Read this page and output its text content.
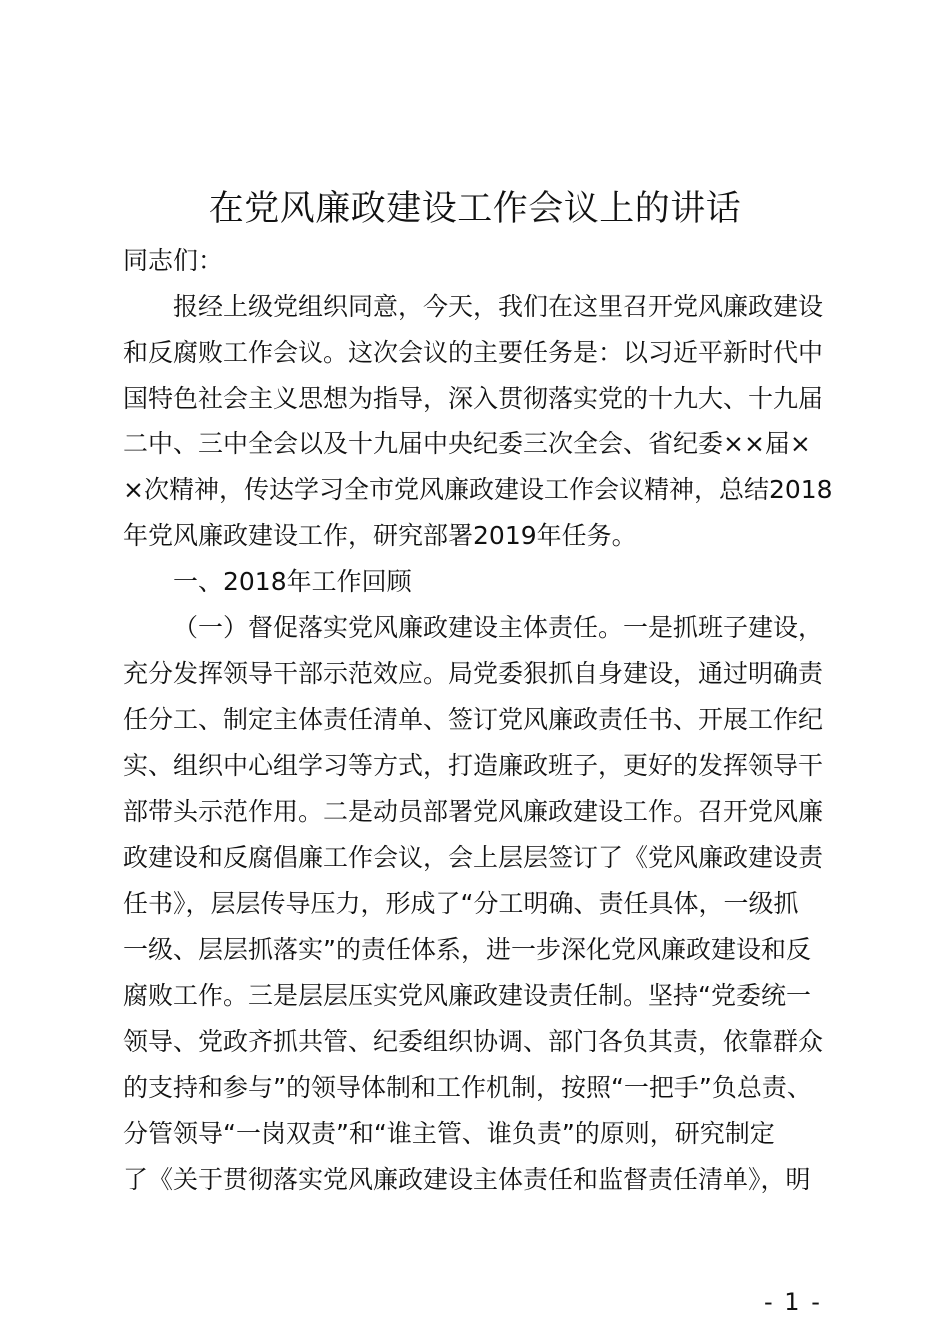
在党风廉政建设工作会议上的讲话
同志们：
报经上级党组织同意，今天，我们在这里召开党风廉政建设
和反腐败工作会议。这次会议的主要任务是：以习近平新时代中
国特色社会主义思想为指导，深入贯彻落实党的十九大、十九届
二中、三中全会以及十九届中央纪委三次全会、省纪委××届×
×次精神，传达学习全市党风廉政建设工作会议精神，总结2018
年党风廉政建设工作，研究部署2019年任务。
一、2018年工作回顾
（一）督促落实党风廉政建设主体责任。一是抓班子建设，
充分发挥领导干部示范效应。局党委狠抓自身建设，通过明确责
任分工、制定主体责任清单、签订党风廉政责任书、开展工作纪
实、组织中心组学习等方式，打造廉政班子，更好的发挥领导干
部带头示范作用。二是动员部署党风廉政建设工作。召开党风廉
政建设和反腐倡廉工作会议，会上层层签订了《党风廉政建设责
任书》，层层传导压力，形成了“分工明确、责任具体，一级抓
一级、层层抓落实”的责任体系，进一步深化党风廉政建设和反
腐败工作。三是层层压实党风廉政建设责任制。坚持“党委统一
领导、党政齐抓共管、纪委组织协调、部门各负其责，依靠群众
的支持和参与”的领导体制和工作机制，按照“一把手”负总责、
分管领导“一岗双责”和“谁主管、谁负责”的原则，研究制定
了《关于贯彻落实党风廉政建设主体责任和监督责任清单》，明
- 1 -
